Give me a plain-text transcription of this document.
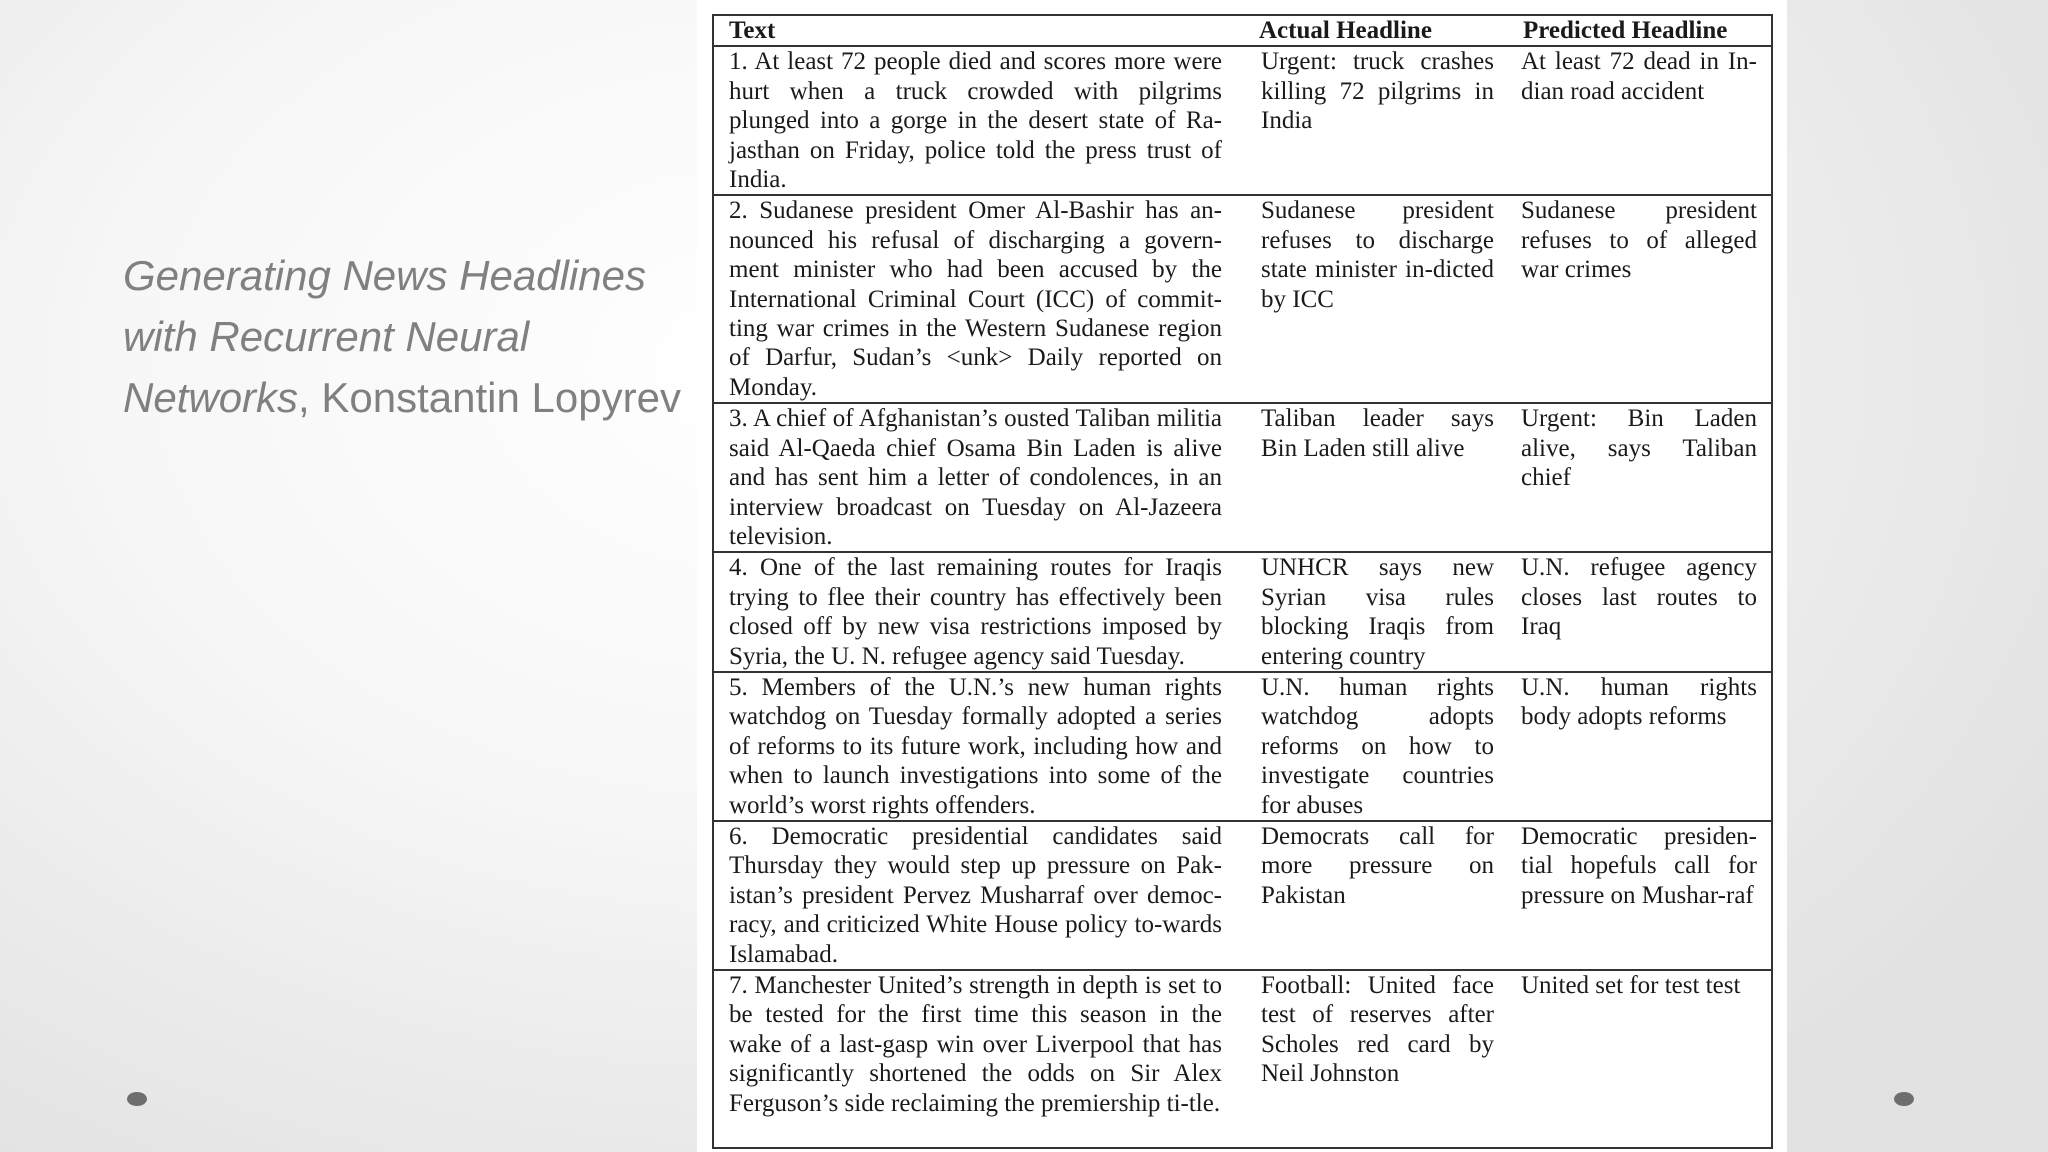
Generating News Headlines with Recurrent Neural Networks, Konstantin Lopyrev
Text	Actual Headline	Predicted Headline
1. At least 72 people died and scores more were hurt when a truck crowded with pilgrims plunged into a gorge in the desert state of Ra-jasthan on Friday, police told the press trust of India.	Urgent: truck crashes killing 72 pilgrims in India	At least 72 dead in In-dian road accident
2. Sudanese president Omer Al-Bashir has an-nounced his refusal of discharging a govern-ment minister who had been accused by the International Criminal Court (ICC) of commit-ting war crimes in the Western Sudanese region of Darfur, Sudan’s <unk> Daily reported on Monday.	Sudanese president refuses to discharge state minister in-dicted by ICC	Sudanese president refuses to of alleged war crimes
3. A chief of Afghanistan’s ousted Taliban militia said Al-Qaeda chief Osama Bin Laden is alive and has sent him a letter of condolences, in an interview broadcast on Tuesday on Al-Jazeera television.	Taliban leader says Bin Laden still alive	Urgent: Bin Laden alive, says Taliban chief
4. One of the last remaining routes for Iraqis trying to flee their country has effectively been closed off by new visa restrictions imposed by Syria, the U. N. refugee agency said Tuesday.	UNHCR says new Syrian visa rules blocking Iraqis from entering country	U.N. refugee agency closes last routes to Iraq
5. Members of the U.N.’s new human rights watchdog on Tuesday formally adopted a series of reforms to its future work, including how and when to launch investigations into some of the world’s worst rights offenders.	U.N. human rights watchdog adopts reforms on how to investigate countries for abuses	U.N. human rights body adopts reforms
6. Democratic presidential candidates said Thursday they would step up pressure on Pak-istan’s president Pervez Musharraf over democ-racy, and criticized White House policy to-wards Islamabad.	Democrats call for more pressure on Pakistan	Democratic presiden-tial hopefuls call for pressure on Mushar-raf
7. Manchester United’s strength in depth is set to be tested for the first time this season in the wake of a last-gasp win over Liverpool that has significantly shortened the odds on Sir Alex Ferguson’s side reclaiming the premiership ti-tle.	Football: United face test of reserves after Scholes red card by Neil Johnston	United set for test test
